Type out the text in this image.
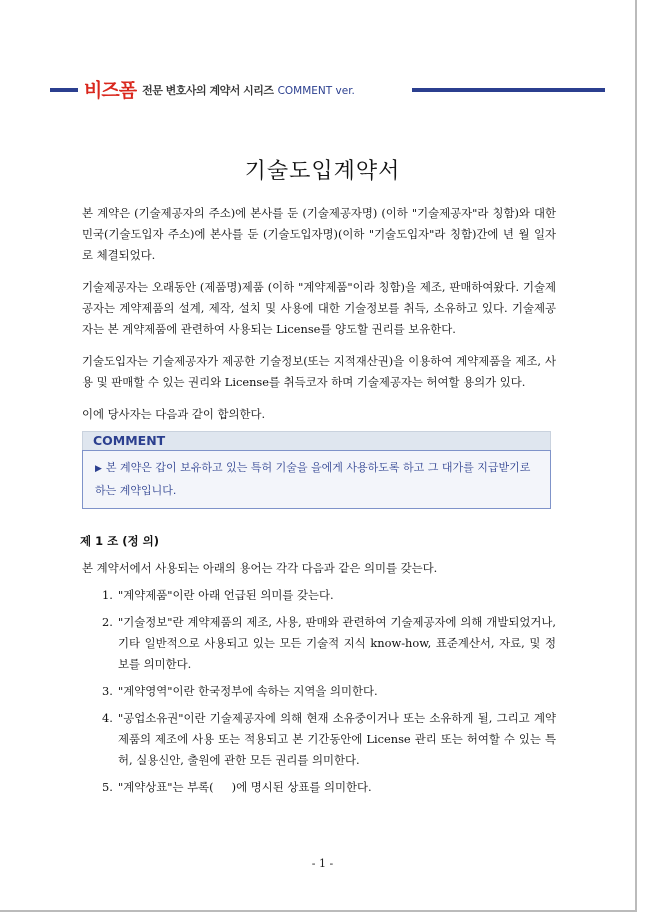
비즈폼 전문 변호사의 계약서 시리즈 COMMENT ver.
기술도입계약서

본 계약은 (기술제공자의 주소)에 본사를 둔 (기술제공자명) (이하 "기술제공자"라 칭함)와 대한민국(기술도입자 주소)에 본사를 둔 (기술도입자명)(이하 "기술도입자"라 칭함)간에 년 월 일자로 체결되었다.

기술제공자는 오래동안 (제품명)제품 (이하 "계약제품"이라 칭함)을 제조, 판매하여왔다. 기술제공자는 계약제품의 설계, 제작, 설치 및 사용에 대한 기술정보를 취득, 소유하고 있다. 기술제공자는 본 계약제품에 관련하여 사용되는 License를 양도할 권리를 보유한다.

기술도입자는 기술제공자가 제공한 기술정보(또는 지적재산권)을 이용하여 계약제품을 제조, 사용 및 판매할 수 있는 권리와 License를 취득코자 하며 기술제공자는 허여할 용의가 있다.

이에 당사자는 다음과 같이 합의한다.

COMMENT
▶ 본 계약은 갑이 보유하고 있는 특허 기술을 을에게 사용하도록 하고 그 대가를 지급받기로 하는 계약입니다.
제 1 조 (정 의)

본 계약서에서 사용되는 아래의 용어는 각각 다음과 같은 의미를 갖는다.

1. "계약제품"이란 아래 언급된 의미를 갖는다.
2. "기술정보"란 계약제품의 제조, 사용, 판매와 관련하여 기술제공자에 의해 개발되었거나, 기타 일반적으로 사용되고 있는 모든 기술적 지식 know-how, 표준계산서, 자료, 및 정보를 의미한다.
3. "계약영역"이란 한국정부에 속하는 지역을 의미한다.
4. "공업소유권"이란 기술제공자에 의해 현재 소유중이거나 또는 소유하게 될, 그리고 계약제품의 제조에 사용 또는 적용되고 본 기간동안에 License 관리 또는 허여할 수 있는 특허, 실용신안, 출원에 관한 모든 권리를 의미한다.
5. "계약상표"는 부록(     )에 명시된 상표를 의미한다.
- 1 -
